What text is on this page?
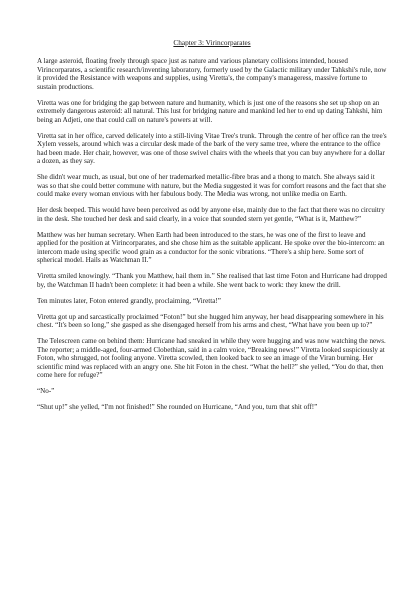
Chapter 3: Virincorparates

A large asteroid, floating freely through space just as nature and various planetary collisions intended, housed Virincorparates, a scientific research/inventing laboratory, formerly used by the Galactic military under Tahkshi's rule, now it provided the Resistance with weapons and supplies, using Viretta's, the company's manageress, massive fortune to sustain productions.

Viretta was one for bridging the gap between nature and humanity, which is just one of the reasons she set up shop on an extremely dangerous asteroid: all natural. This lust for bridging nature and mankind led her to end up dating Tahkshi, him being an Adjeti, one that could call on nature's powers at will.

Viretta sat in her office, carved delicately into a still-living Vitae Tree's trunk. Through the centre of her office ran the tree's Xylem vessels, around which was a circular desk made of the bark of the very same tree, where the entrance to the office had been made. Her chair, however, was one of those swivel chairs with the wheels that you can buy anywhere for a dollar a dozen, as they say.

She didn't wear much, as usual, but one of her trademarked metallic-fibre bras and a thong to match. She always said it was so that she could better commune with nature, but the Media suggested it was for comfort reasons and the fact that she could make every woman envious with her fabulous body. The Media was wrong, not unlike media on Earth.

Her desk beeped. This would have been perceived as odd by anyone else, mainly due to the fact that there was no circuitry in the desk. She touched her desk and said clearly, in a voice that sounded stern yet gentle, “What is it, Matthew?”

Matthew was her human secretary. When Earth had been introduced to the stars, he was one of the first to leave and applied for the position at Virincorparates, and she chose him as the suitable applicant. He spoke over the bio-intercom: an intercom made using specific wood grain as a conductor for the sonic vibrations. “There's a ship here. Some sort of spherical model. Hails as Watchman II.”

Viretta smiled knowingly. “Thank you Matthew, hail them in.” She realised that last time Foton and Hurricane had dropped by, the Watchman II hadn't been complete: it had been a while. She went back to work: they knew the drill.

Ten minutes later, Foton entered grandly, proclaiming, “Viretta!”

Viretta got up and sarcastically proclaimed “Foton!” but she hugged him anyway, her head disappearing somewhere in his chest. “It's been so long,” she gasped as she disengaged herself from his arms and chest, “What have you been up to?”

The Telescreen came on behind them: Hurricane had sneaked in while they were hugging and was now watching the news. The reporter; a middle-aged, four-armed Clobethian, said in a calm voice, “Breaking news!” Viretta looked suspiciously at Foton, who shrugged, not fooling anyone. Viretta scowled, then looked back to see an image of the Viran burning. Her scientific mind was replaced with an angry one. She hit Foton in the chest. “What the hell?” she yelled, “You do that, then come here for refuge?”

“No-”

“Shut up!” she yelled, “I'm not finished!” She rounded on Hurricane, “And you, turn that shit off!”
